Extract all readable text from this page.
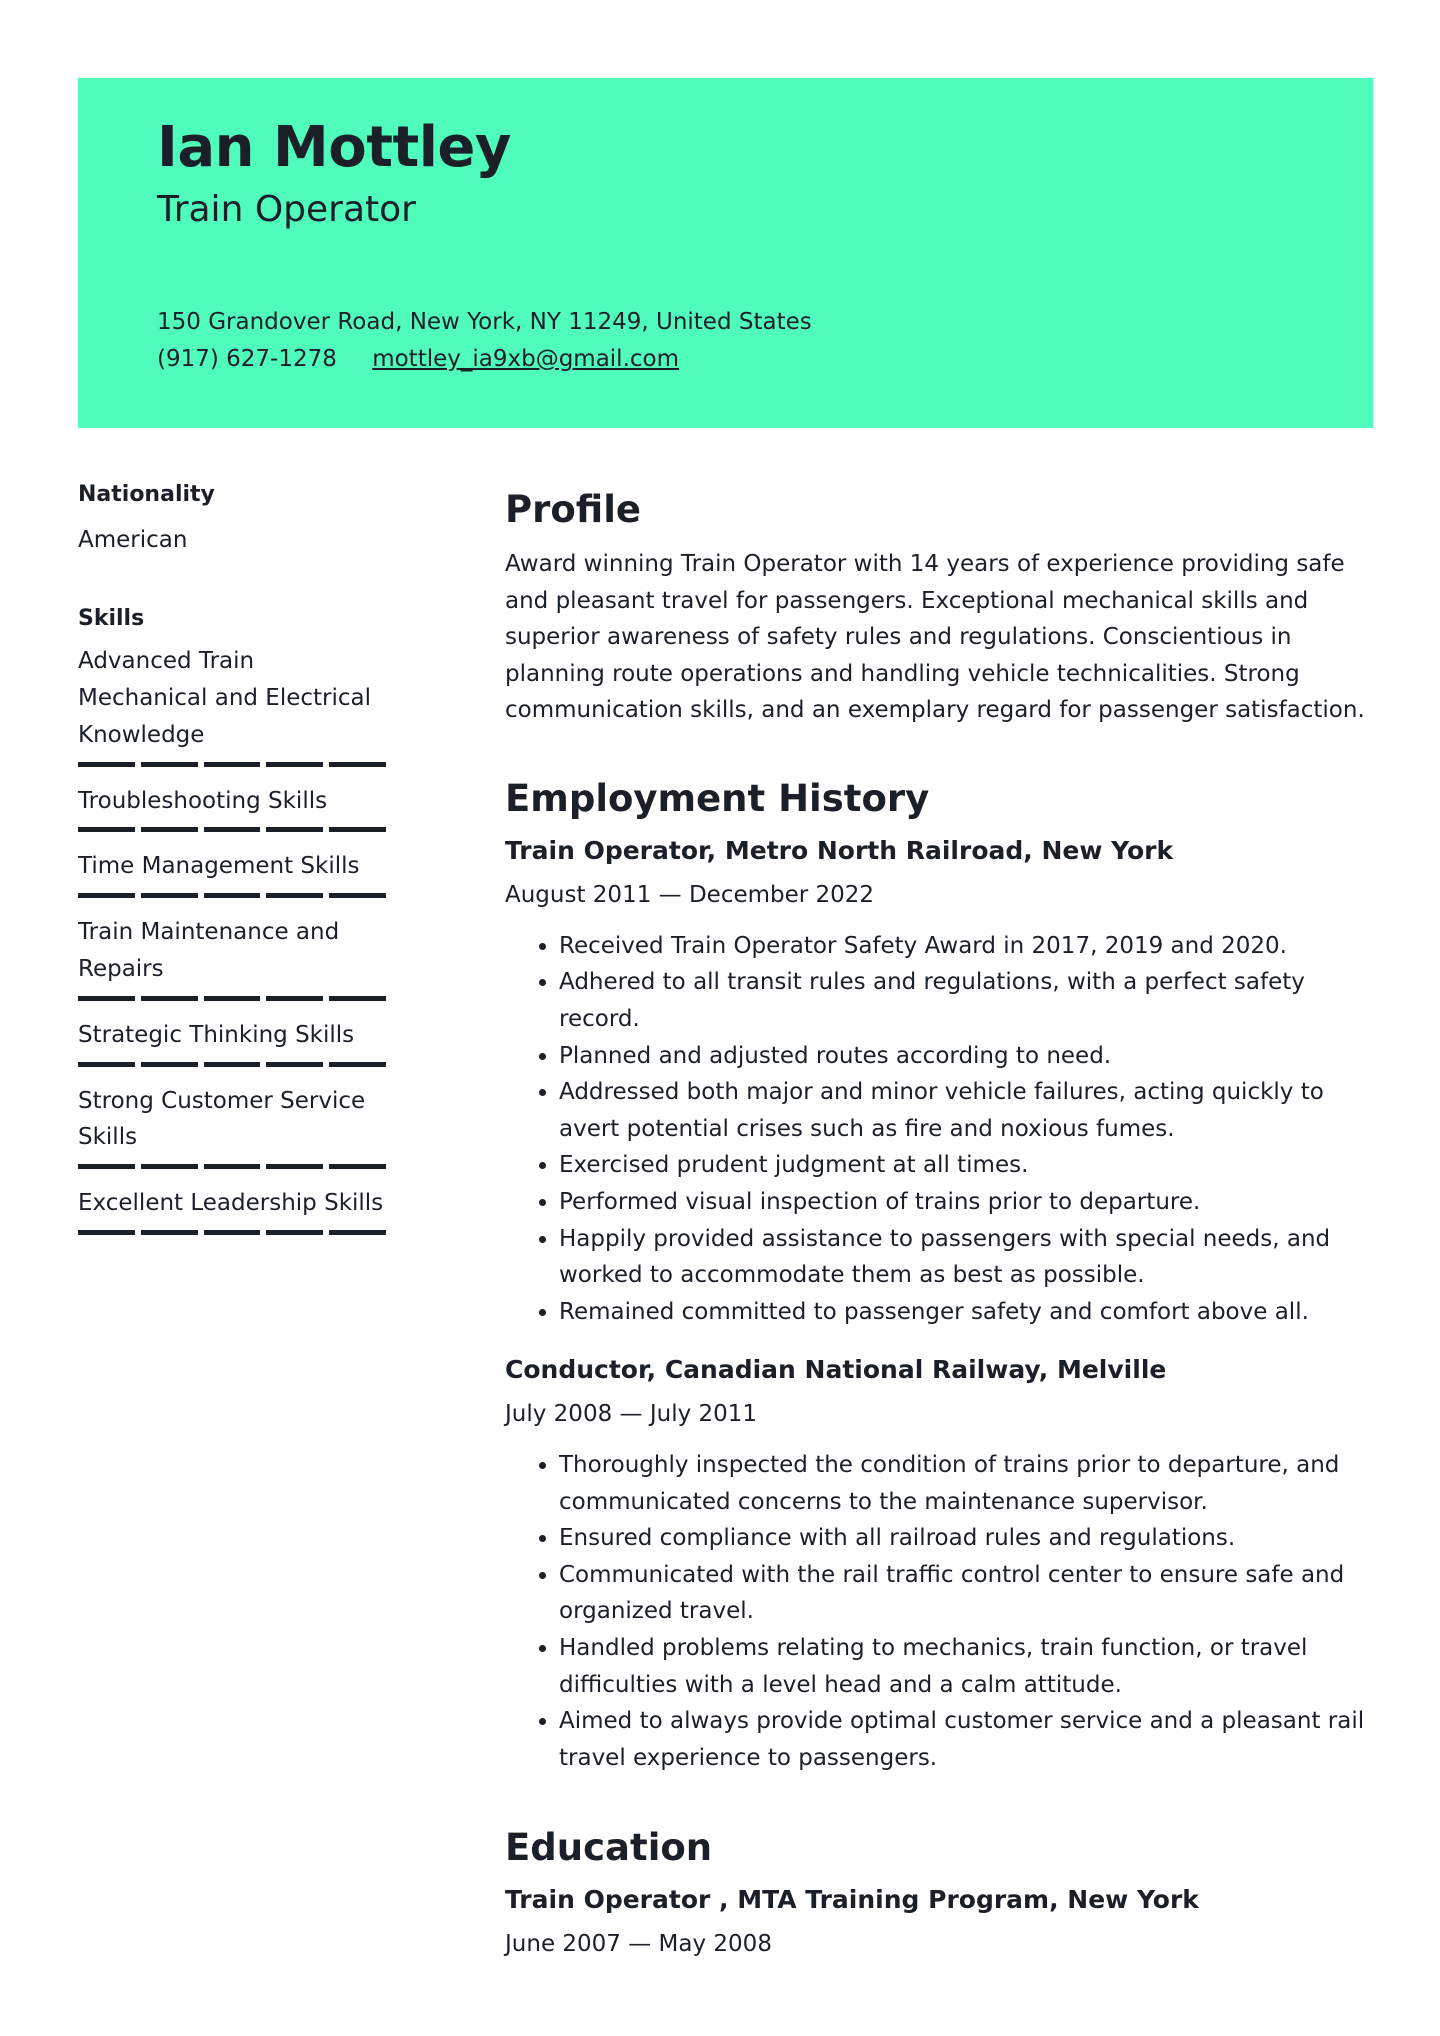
Ian Mottley
Train Operator
150 Grandover Road, New York, NY 11249, United States
(917) 627-1278 mottley_ia9xb@gmail.com
Nationality
American
Skills
Advanced Train Mechanical and Electrical Knowledge
Troubleshooting Skills
Time Management Skills
Train Maintenance and Repairs
Strategic Thinking Skills
Strong Customer Service Skills
Excellent Leadership Skills
Profile
Award winning Train Operator with 14 years of experience providing safe and pleasant travel for passengers. Exceptional mechanical skills and superior awareness of safety rules and regulations. Conscientious in planning route operations and handling vehicle technicalities. Strong communication skills, and an exemplary regard for passenger satisfaction.
Employment History
Train Operator, Metro North Railroad, New York
August 2011 — December 2022
• Received Train Operator Safety Award in 2017, 2019 and 2020.
• Adhered to all transit rules and regulations, with a perfect safety record.
• Planned and adjusted routes according to need.
• Addressed both major and minor vehicle failures, acting quickly to avert potential crises such as fire and noxious fumes.
• Exercised prudent judgment at all times.
• Performed visual inspection of trains prior to departure.
• Happily provided assistance to passengers with special needs, and worked to accommodate them as best as possible.
• Remained committed to passenger safety and comfort above all.
Conductor, Canadian National Railway, Melville
July 2008 — July 2011
• Thoroughly inspected the condition of trains prior to departure, and communicated concerns to the maintenance supervisor.
• Ensured compliance with all railroad rules and regulations.
• Communicated with the rail traffic control center to ensure safe and organized travel.
• Handled problems relating to mechanics, train function, or travel difficulties with a level head and a calm attitude.
• Aimed to always provide optimal customer service and a pleasant rail travel experience to passengers.
Education
Train Operator , MTA Training Program, New York
June 2007 — May 2008
